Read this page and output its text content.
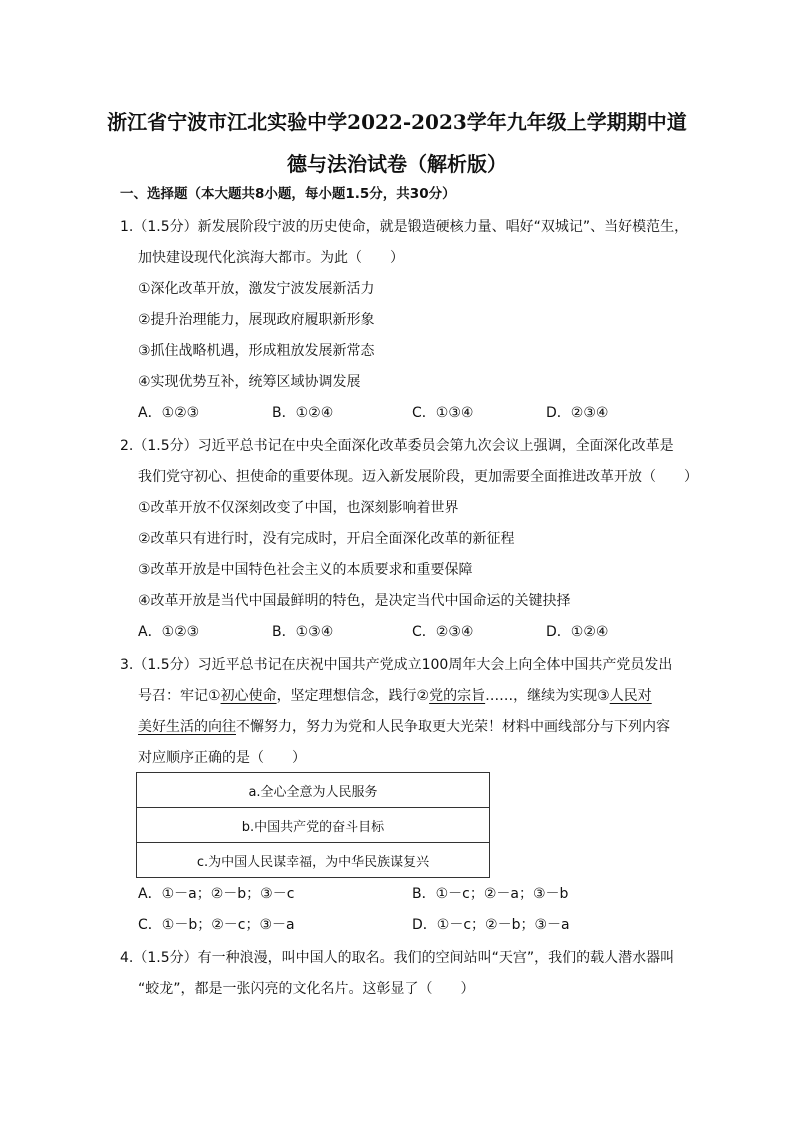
浙江省宁波市江北实验中学2022-2023学年九年级上学期期中道
德与法治试卷（解析版）
一、选择题（本大题共8小题，每小题1.5分，共30分）
1.（1.5分）新发展阶段宁波的历史使命，就是锻造硬核力量、唱好“双城记”、当好模范生，
加快建设现代化滨海大都市。为此（　　）
①深化改革开放，激发宁波发展新活力
②提升治理能力，展现政府履职新形象
③抓住战略机遇，形成粗放发展新常态
④实现优势互补，统筹区域协调发展
A．①②③	B．①②④	C．①③④	D．②③④
2.（1.5分）习近平总书记在中央全面深化改革委员会第九次会议上强调，全面深化改革是
我们党守初心、担使命的重要体现。迈入新发展阶段，更加需要全面推进改革开放（　　）
①改革开放不仅深刻改变了中国，也深刻影响着世界
②改革只有进行时，没有完成时，开启全面深化改革的新征程
③改革开放是中国特色社会主义的本质要求和重要保障
④改革开放是当代中国最鲜明的特色，是决定当代中国命运的关键抉择
A．①②③	B．①③④	C．②③④	D．①②④
3.（1.5分）习近平总书记在庆祝中国共产党成立100周年大会上向全体中国共产党员发出
号召：牢记①初心使命，坚定理想信念，践行②党的宗旨……，继续为实现③人民对
美好生活的向往不懈努力，努力为党和人民争取更大光荣！材料中画线部分与下列内容
对应顺序正确的是（　　）
a.全心全意为人民服务
b.中国共产党的奋斗目标
c.为中国人民谋幸福，为中华民族谋复兴
A．①－a；②－b；③－c	B．①－c；②－a；③－b
C．①－b；②－c；③－a	D．①－c；②－b；③－a
4.（1.5分）有一种浪漫，叫中国人的取名。我们的空间站叫“天宫”，我们的载人潜水器叫
“蛟龙”，都是一张闪亮的文化名片。这彰显了（　　）
